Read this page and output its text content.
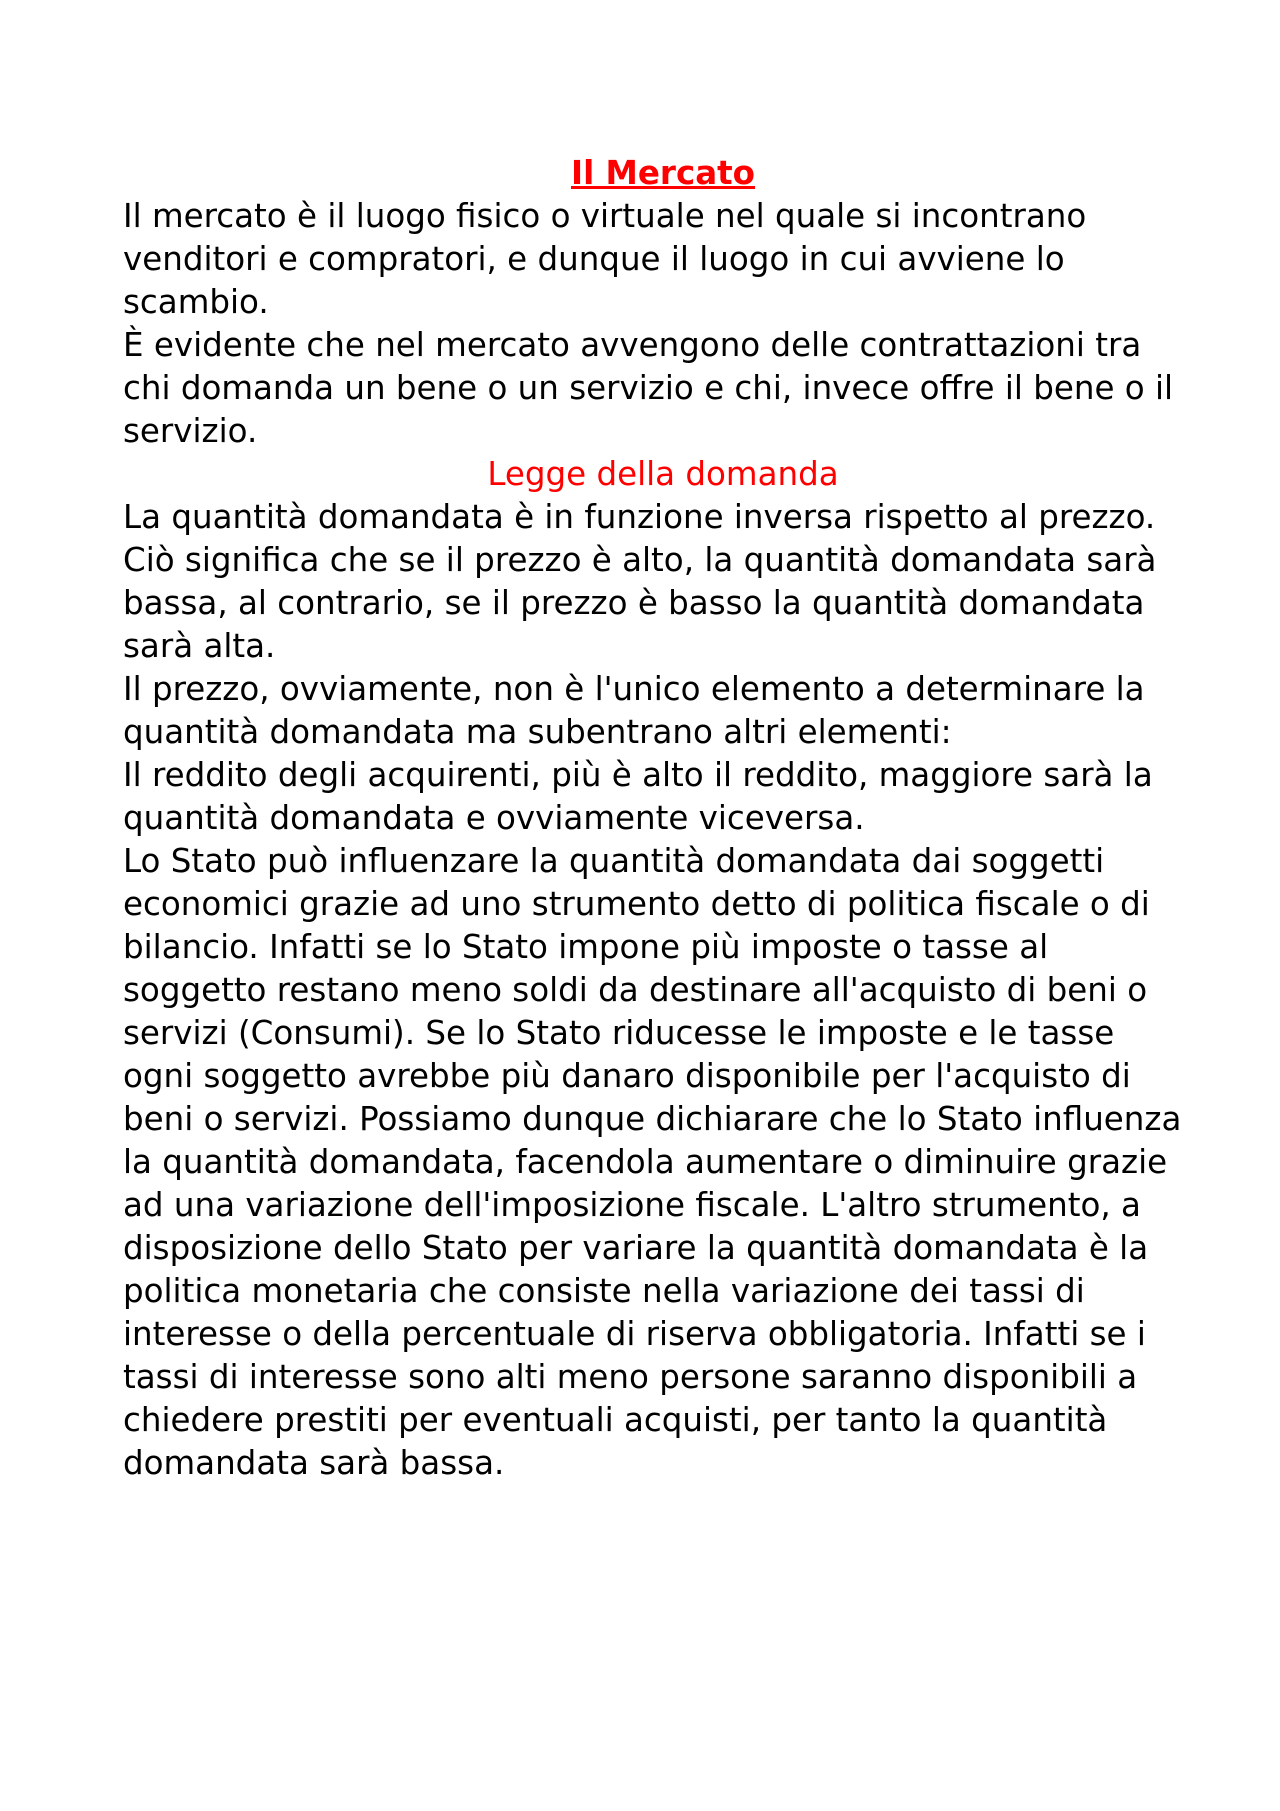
Il Mercato

Il mercato è il luogo fisico o virtuale nel quale si incontrano venditori e compratori, e dunque il luogo in cui avviene lo scambio.

È evidente che nel mercato avvengono delle contrattazioni tra chi domanda un bene o un servizio e chi, invece offre il bene o il servizio.

Legge della domanda

La quantità domandata è in funzione inversa rispetto al prezzo. Ciò significa che se il prezzo è alto, la quantità domandata sarà bassa, al contrario, se il prezzo è basso la quantità domandata sarà alta.

Il prezzo, ovviamente, non è l'unico elemento a determinare la quantità domandata ma subentrano altri elementi:

Il reddito degli acquirenti, più è alto il reddito, maggiore sarà la quantità domandata e ovviamente viceversa.

Lo Stato può influenzare la quantità domandata dai soggetti economici grazie ad uno strumento detto di politica fiscale o di bilancio. Infatti se lo Stato impone più imposte o tasse al soggetto restano meno soldi da destinare all'acquisto di beni o servizi (Consumi). Se lo Stato riducesse le imposte e le tasse ogni soggetto avrebbe più danaro disponibile per l'acquisto di beni o servizi. Possiamo dunque dichiarare che lo Stato influenza la quantità domandata, facendola aumentare o diminuire grazie ad una variazione dell'imposizione fiscale. L'altro strumento, a disposizione dello Stato per variare la quantità domandata è la politica monetaria che consiste nella variazione dei tassi di interesse o della percentuale di riserva obbligatoria. Infatti se i tassi di interesse sono alti meno persone saranno disponibili a chiedere prestiti per eventuali acquisti, per tanto la quantità domandata sarà bassa.
